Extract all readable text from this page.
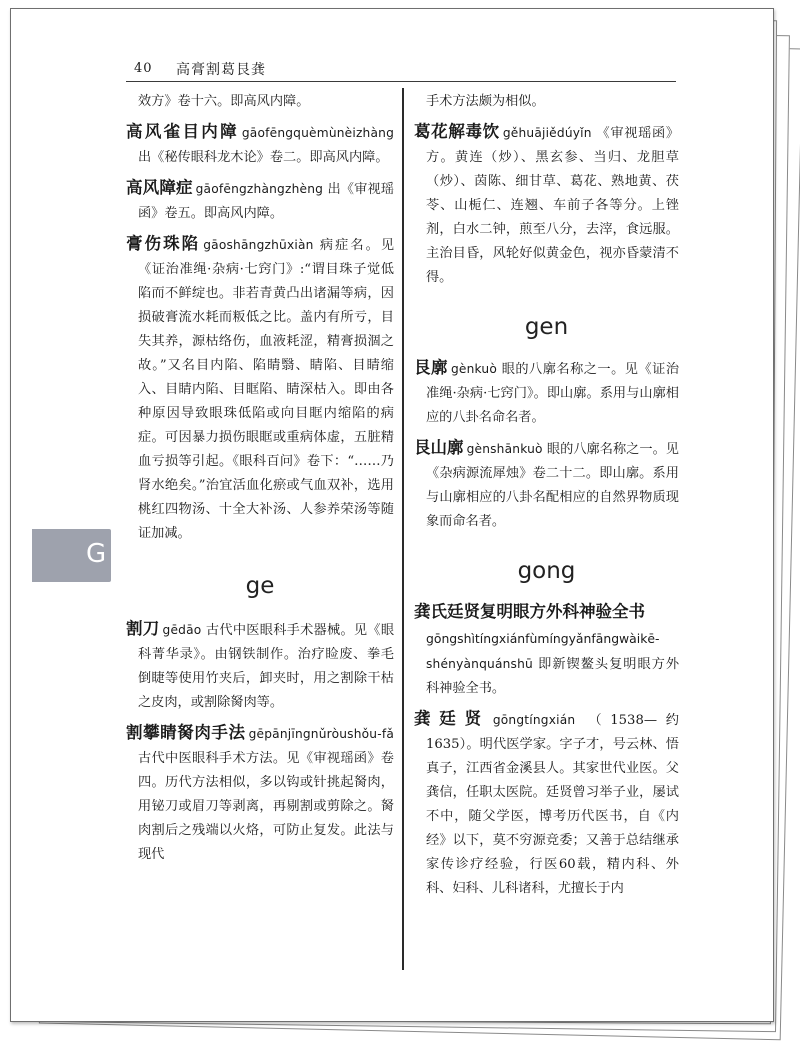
40 高膏割葛艮龚
G

效方》卷十六。即高风内障。

高风雀目内障 gāofēngquèmùnèizhàng 出《秘传眼科龙木论》卷二。即高风内障。

高风障症 gāofēngzhàngzhèng 出《审视瑶函》卷五。即高风内障。

膏伤珠陷 gāoshāngzhūxiàn 病症名。见《证治准绳·杂病·七窍门》:“谓目珠子觉低陷而不鲜绽也。非若青黄凸出诸漏等病，因损破膏流水耗而粄低之比。盖内有所亏，目失其养，源枯络伤，血液耗涩，精膏损涸之故。”又名目内陷、陷睛翳、睛陷、目睛缩入、目睛内陷、目眶陷、睛深枯入。即由各种原因导致眼珠低陷或向目眶内缩陷的病症。可因暴力损伤眼眶或重病体虚，五脏精血亏损等引起。《眼科百问》卷下：“……乃肾水绝矣。”治宜活血化瘀或气血双补，选用桃红四物汤、十全大补汤、人参养荣汤等随证加减。

ge

割刀 gēdāo 古代中医眼科手术器械。见《眼科菁华录》。由钢铁制作。治疗睑废、拳毛倒睫等使用竹夹后，卸夹时，用之割除干枯之皮肉，或割除胬肉等。

割攀睛胬肉手法 gēpānjīngnǔròushǒu-fǎ 古代中医眼科手术方法。见《审视瑶函》卷四。历代方法相似，多以钩或针挑起胬肉，用铋刀或眉刀等剥离，再剔割或剪除之。胬肉割后之残端以火烙，可防止复发。此法与现代

手术方法颇为相似。

葛花解毒饮 gěhuājiědúyǐn 《审视瑶函》方。黄连（炒）、黑玄参、当归、龙胆草（炒）、茵陈、细甘草、葛花、熟地黄、茯苓、山栀仁、连翘、车前子各等分。上锉剂，白水二钟，煎至八分，去滓，食远服。主治目昏，风轮好似黄金色，视亦昏蒙清不得。

gen

艮廓 gènkuò 眼的八廓名称之一。见《证治准绳·杂病·七窍门》。即山廓。系用与山廓相应的八卦名命名者。

艮山廓 gènshānkuò 眼的八廓名称之一。见《杂病源流犀烛》卷二十二。即山廓。系用与山廓相应的八卦名配相应的自然界物质现象而命名者。

gong

龚氏廷贤复明眼方外科神验全书
gōngshìtíngxiánfùmíngyǎnfāngwàikē-
shényànquánshū 即新锲鳌头复明眼方外科神验全书。

龚廷贤 gōngtíngxián （1538—约1635）。明代医学家。字子才，号云林、悟真子，江西省金溪县人。其家世代业医。父龚信，任职太医院。廷贤曾习举子业，屡试不中，随父学医，博考历代医书，自《内经》以下，莫不穷源竞委；又善于总结继承家传诊疗经验，行医60载，精内科、外科、妇科、儿科诸科，尤擅长于内
